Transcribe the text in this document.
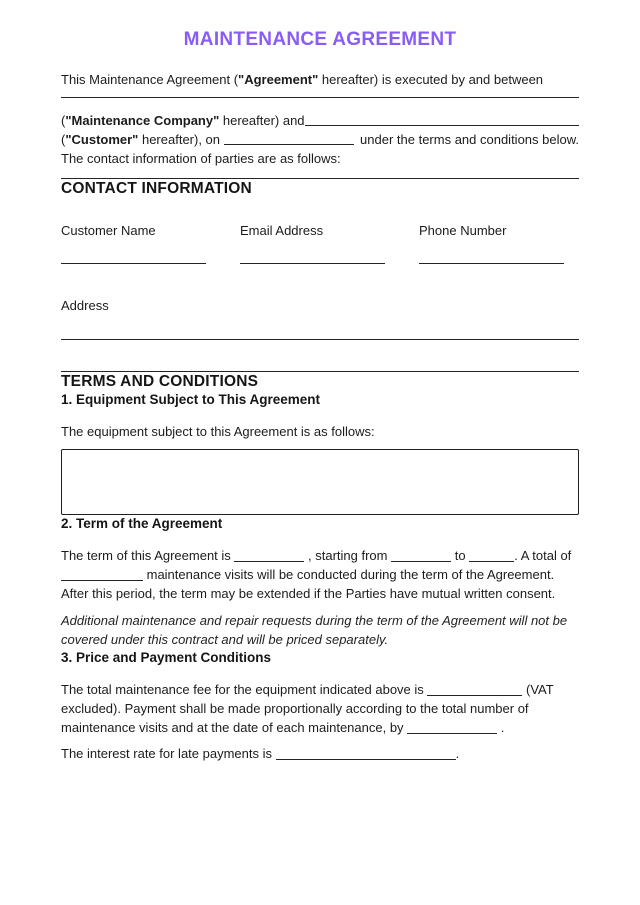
MAINTENANCE AGREEMENT

This Maintenance Agreement ("Agreement" hereafter) is executed by and between

("Maintenance Company" hereafter) and
("Customer" hereafter), on	under the terms and conditions below.

The contact information of parties are as follows:

CONTACT INFORMATION
Customer Name	Email Address	Phone Number
Address
TERMS AND CONDITIONS
1. Equipment Subject to This Agreement

The equipment subject to this Agreement is as follows:

2. Term of the Agreement

The term of this Agreement is	, starting from	to	. A total of  maintenance visits will be conducted during the term of the Agreement. After this period, the term may be extended if the Parties have mutual written consent.

Additional maintenance and repair requests during the term of the Agreement will not be covered under this contract and will be priced separately.

3. Price and Payment Conditions

The total maintenance fee for the equipment indicated above is	(VAT excluded). Payment shall be made proportionally according to the total number of maintenance visits and at the date of each maintenance, by	.

The interest rate for late payments is	.
